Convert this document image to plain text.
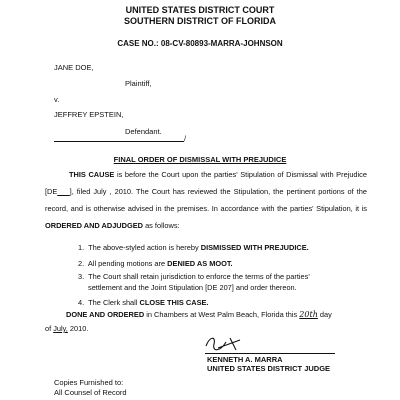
UNITED STATES DISTRICT COURT
SOUTHERN DISTRICT OF FLORIDA
CASE NO.: 08-CV-80893-MARRA-JOHNSON
JANE DOE,
Plaintiff,
v.
JEFFREY EPSTEIN,
Defendant.
/
FINAL ORDER OF DISMISSAL WITH PREJUDICE
THIS CAUSE is before the Court upon the parties' Stipulation of Dismissal with Prejudice [DE___], filed July , 2010. The Court has reviewed the Stipulation, the pertinent portions of the record, and is otherwise advised in the premises. In accordance with the parties' Stipulation, it is ORDERED AND ADJUDGED as follows:
1. The above-styled action is hereby DISMISSED WITH PREJUDICE.
2. All pending motions are DENIED AS MOOT.
3. The Court shall retain jurisdiction to enforce the terms of the parties'
settlement and the Joint Stipulation [DE 207] and order thereon.
4. The Clerk shall CLOSE THIS CASE.
DONE AND ORDERED in Chambers at West Palm Beach, Florida this 20th day
of July, 2010.
KENNETH A. MARRA
UNITED STATES DISTRICT JUDGE
Copies Furnished to:
All Counsel of Record
